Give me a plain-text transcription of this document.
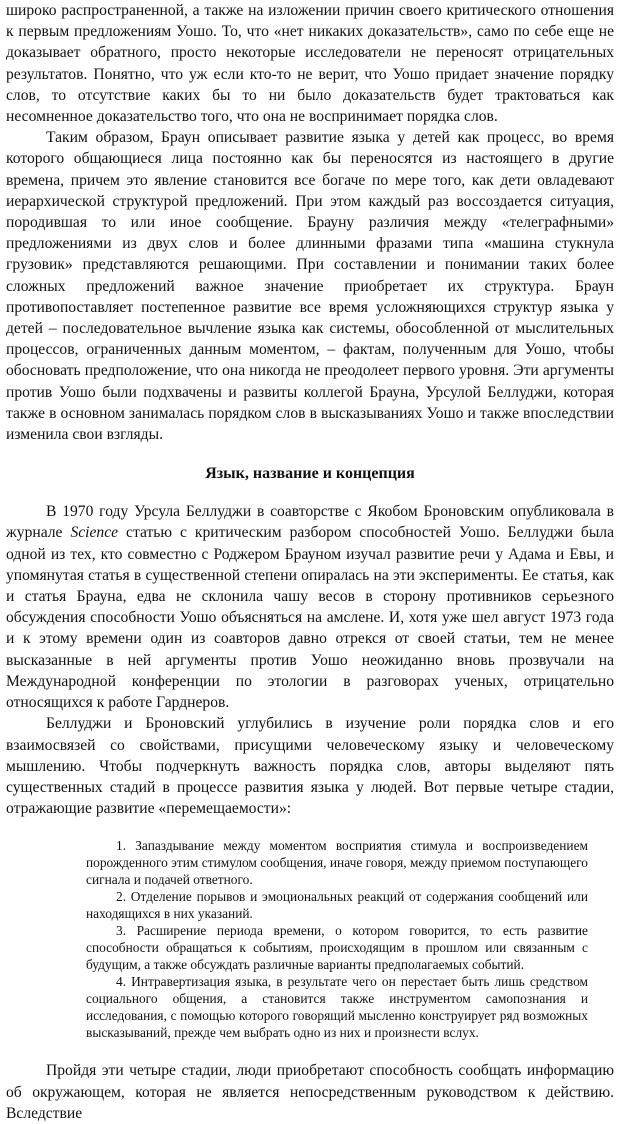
широко распространенной, а также на изложении причин своего критического отношения к первым предложениям Уошо. То, что «нет никаких доказательств», само по себе еще не доказывает обратного, просто некоторые исследователи не переносят отрицательных результатов. Понятно, что уж если кто-то не верит, что Уошо придает значение порядку слов, то отсутствие каких бы то ни было доказательств будет трактоваться как несомненное доказательство того, что она не воспринимает порядка слов.

Таким образом, Браун описывает развитие языка у детей как процесс, во время которого общающиеся лица постоянно как бы переносятся из настоящего в другие времена, причем это явление становится все богаче по мере того, как дети овладевают иерархической структурой предложений. При этом каждый раз воссоздается ситуация, породившая то или иное сообщение. Брауну различия между «телеграфными» предложениями из двух слов и более длинными фразами типа «машина стукнула грузовик» представляются решающими. При составлении и понимании таких более сложных предложений важное значение приобретает их структура. Браун противопоставляет постепенное развитие все время усложняющихся структур языка у детей – последовательное вычление языка как системы, обособленной от мыслительных процессов, ограниченных данным моментом, – фактам, полученным для Уошо, чтобы обосновать предположение, что она никогда не преодолеет первого уровня. Эти аргументы против Уошо были подхвачены и развиты коллегой Брауна, Урсулой Беллуджи, которая также в основном занималась порядком слов в высказываниях Уошо и также впоследствии изменила свои взгляды.

Язык, название и концепция

В 1970 году Урсула Беллуджи в соавторстве с Якобом Броновским опубликовала в журнале Science статью с критическим разбором способностей Уошо. Беллуджи была одной из тех, кто совместно с Роджером Брауном изучал развитие речи у Адама и Евы, и упомянутая статья в существенной степени опиралась на эти эксперименты. Ее статья, как и статья Брауна, едва не склонила чашу весов в сторону противников серьезного обсуждения способности Уошо объясняться на амслене. И, хотя уже шел август 1973 года и к этому времени один из соавторов давно отрекся от своей статьи, тем не менее высказанные в ней аргументы против Уошо неожиданно вновь прозвучали на Международной конференции по этологии в разговорах ученых, отрицательно относящихся к работе Гарднеров.

Беллуджи и Броновский углубились в изучение роли порядка слов и его взаимосвязей со свойствами, присущими человеческому языку и человеческому мышлению. Чтобы подчеркнуть важность порядка слов, авторы выделяют пять существенных стадий в процессе развития языка у людей. Вот первые четыре стадии, отражающие развитие «перемещаемости»:

1. Запаздывание между моментом восприятия стимула и воспроизведением порожденного этим стимулом сообщения, иначе говоря, между приемом поступающего сигнала и подачей ответного.

2. Отделение порывов и эмоциональных реакций от содержания сообщений или находящихся в них указаний.

3. Расширение периода времени, о котором говорится, то есть развитие способности обращаться к событиям, происходящим в прошлом или связанным с будущим, а также обсуждать различные варианты предполагаемых событий.

4. Интравертизация языка, в результате чего он перестает быть лишь средством социального общения, а становится также инструментом самопознания и исследования, с помощью которого говорящий мысленно конструирует ряд возможных высказываний, прежде чем выбрать одно из них и произнести вслух.

Пройдя эти четыре стадии, люди приобретают способность сообщать информацию об окружающем, которая не является непосредственным руководством к действию. Вследствие
